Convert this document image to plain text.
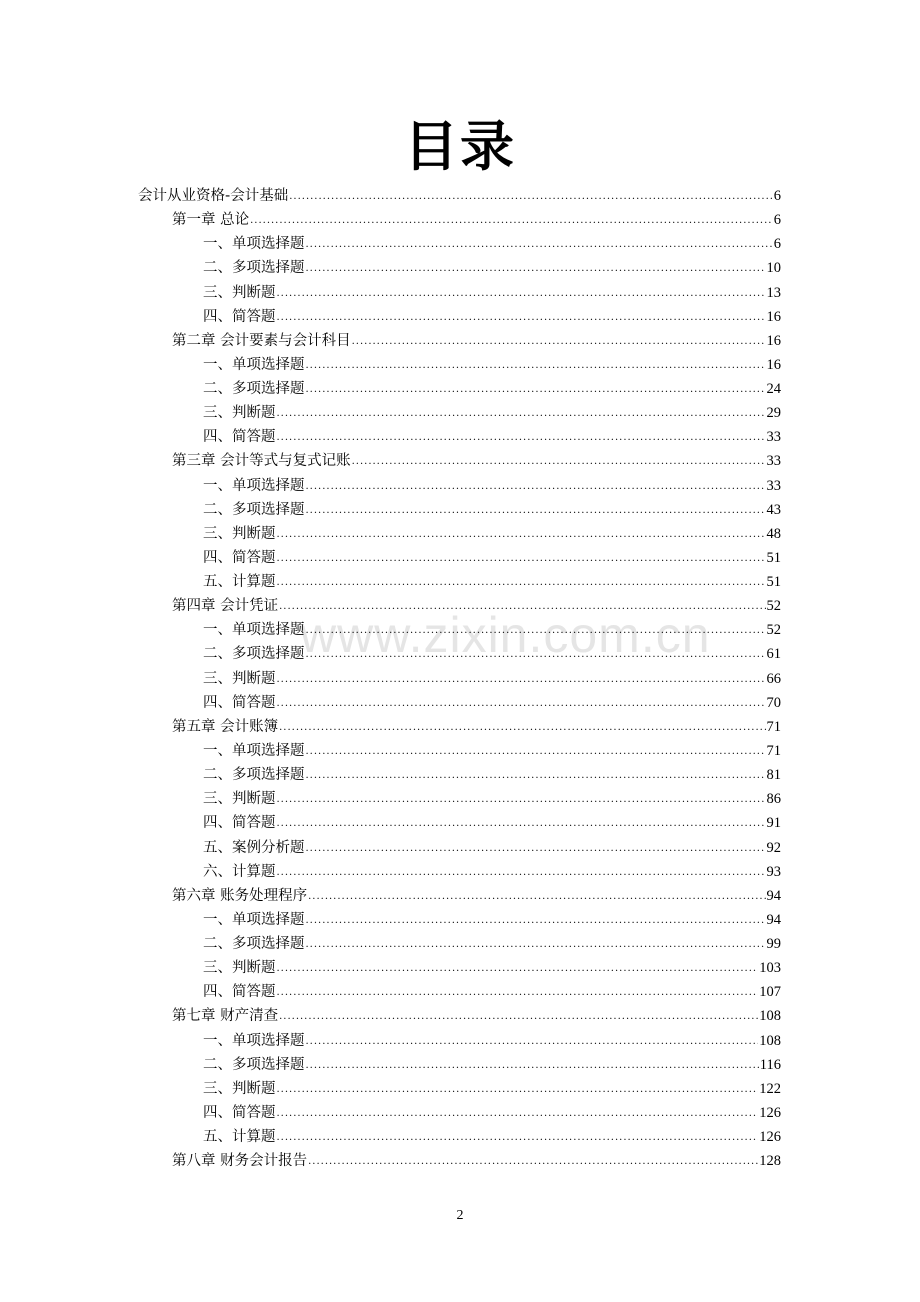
目录
www.zixin.com.cn
会计从业资格-会计基础 .....	6
第一章 总论 .....	6
一、单项选择题 .....	6
二、多项选择题 .....	10
三、判断题 .....	13
四、简答题 .....	16
第二章 会计要素与会计科目 .....	16
一、单项选择题 .....	16
二、多项选择题 .....	24
三、判断题 .....	29
四、简答题 .....	33
第三章 会计等式与复式记账 .....	33
一、单项选择题 .....	33
二、多项选择题 .....	43
三、判断题 .....	48
四、简答题 .....	51
五、计算题 .....	51
第四章 会计凭证 .....	52
一、单项选择题 .....	52
二、多项选择题 .....	61
三、判断题 .....	66
四、简答题 .....	70
第五章 会计账簿 .....	71
一、单项选择题 .....	71
二、多项选择题 .....	81
三、判断题 .....	86
四、简答题 .....	91
五、案例分析题 .....	92
六、计算题 .....	93
第六章 账务处理程序 .....	94
一、单项选择题 .....	94
二、多项选择题 .....	99
三、判断题 .....	103
四、简答题 .....	107
第七章 财产清查 .....	108
一、单项选择题 .....	108
二、多项选择题 .....	116
三、判断题 .....	122
四、简答题 .....	126
五、计算题 .....	126
第八章 财务会计报告 .....	128
2
